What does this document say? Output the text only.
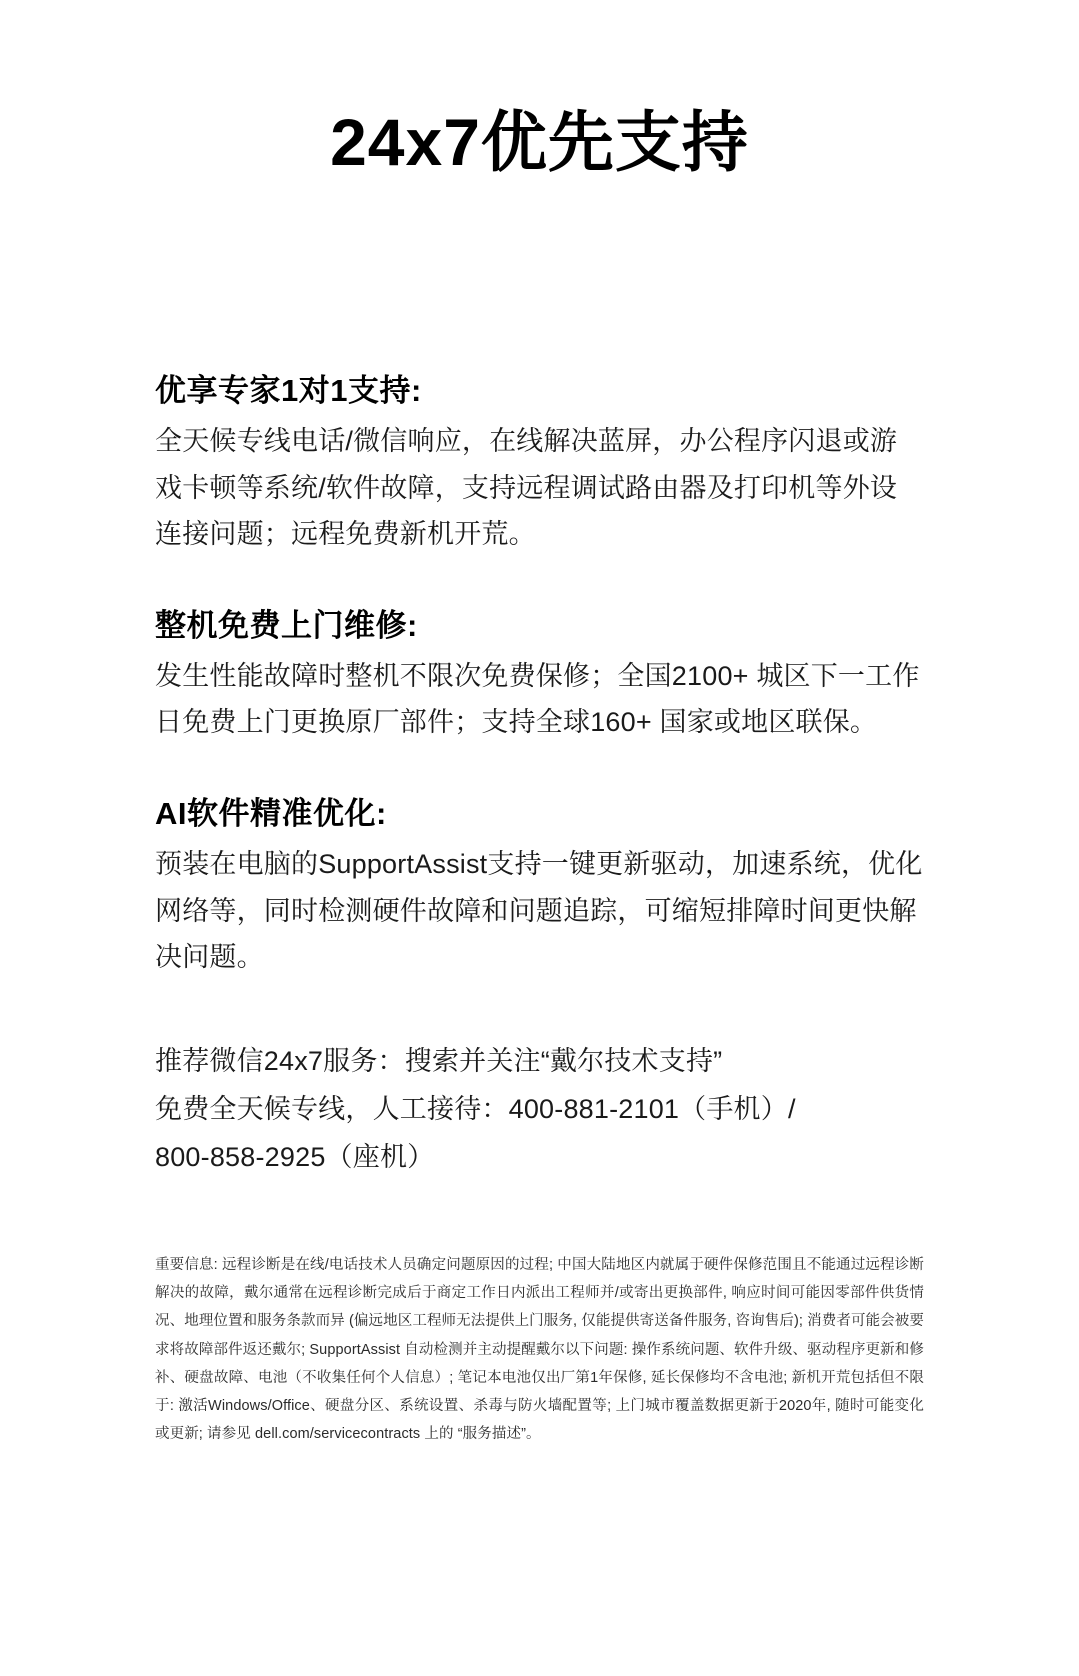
24x7优先支持
优享专家1对1支持:

全天候专线电话/微信响应，在线解决蓝屏，办公程序闪退或游戏卡顿等系统/软件故障，支持远程调试路由器及打印机等外设连接问题；远程免费新机开荒。

整机免费上门维修:

发生性能故障时整机不限次免费保修；全国2100+ 城区下一工作日免费上门更换原厂部件；支持全球160+ 国家或地区联保。

AI软件精准优化:

预装在电脑的SupportAssist支持一键更新驱动，加速系统，优化网络等，同时检测硬件故障和问题追踪，可缩短排障时间更快解决问题。

推荐微信24x7服务：搜索并关注“戴尔技术支持”
免费全天候专线，人工接待：400-881-2101（手机）/
800-858-2925（座机）
重要信息: 远程诊断是在线/电话技术人员确定问题原因的过程; 中国大陆地区内就属于硬件保修范围且不能通过远程诊断解决的故障，戴尔通常在远程诊断完成后于商定工作日内派出工程师并/或寄出更换部件, 响应时间可能因零部件供货情况、地理位置和服务条款而异 (偏远地区工程师无法提供上门服务, 仅能提供寄送备件服务, 咨询售后); 消费者可能会被要求将故障部件返还戴尔; SupportAssist 自动检测并主动提醒戴尔以下问题: 操作系统问题、软件升级、驱动程序更新和修补、硬盘故障、电池（不收集任何个人信息）; 笔记本电池仅出厂第1年保修, 延长保修均不含电池; 新机开荒包括但不限于: 激活Windows/Office、硬盘分区、系统设置、杀毒与防火墙配置等; 上门城市覆盖数据更新于2020年, 随时可能变化或更新; 请参见 dell.com/servicecontracts 上的 “服务描述”。
